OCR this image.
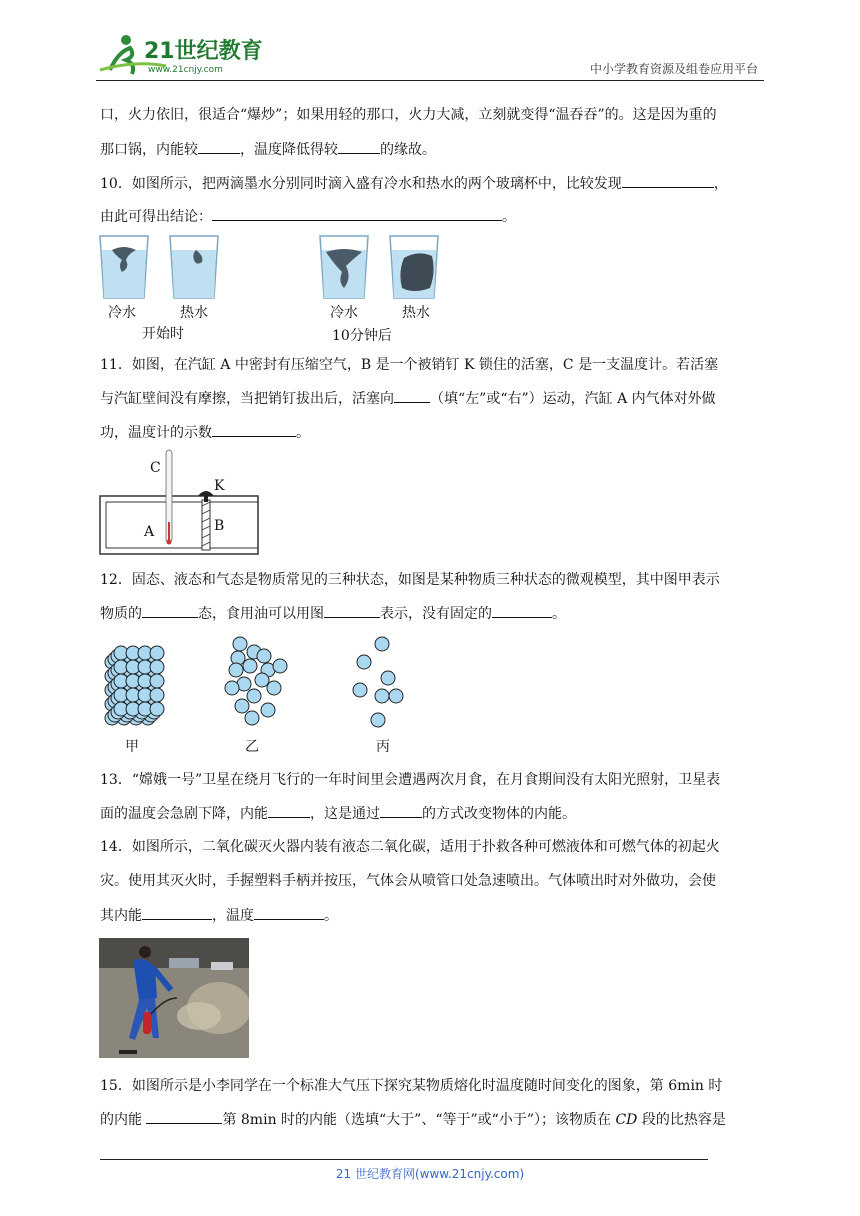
21世纪教育
www.21cnjy.com	中小学教育资源及组卷应用平台
口，火力依旧，很适合“爆炒”；如果用轻的那口，火力大减，立刻就变得“温吞吞”的。这是因为重的
那口锅，内能较	，温度降低得较	的缘故。
10．如图所示，把两滴墨水分别同时滴入盛有冷水和热水的两个玻璃杯中，比较发现	，
由此可得出结论：	。
冷水	热水
开始时
冷水	热水
10分钟后
11．如图，在汽缸 A 中密封有压缩空气，B 是一个被销钉 K 锁住的活塞，C 是一支温度计。若活塞
与汽缸壁间没有摩擦，当把销钉拔出后，活塞向	（填“左”或“右”）运动，汽缸 A 内气体对外做
功，温度计的示数	。
C
K
A	B
12．固态、液态和气态是物质常见的三种状态，如图是某种物质三种状态的微观模型，其中图甲表示
物质的	态，食用油可以用图	表示，没有固定的	。
甲	乙	丙
13．“嫦娥一号”卫星在绕月飞行的一年时间里会遭遇两次月食，在月食期间没有太阳光照射，卫星表
面的温度会急剧下降，内能	，这是通过	的方式改变物体的内能。
14．如图所示，二氧化碳灭火器内装有液态二氧化碳，适用于扑救各种可燃液体和可燃气体的初起火
灾。使用其灭火时，手握塑料手柄并按压，气体会从喷管口处急速喷出。气体喷出时对外做功，会使
其内能	，温度	。
15．如图所示是小李同学在一个标准大气压下探究某物质熔化时温度随时间变化的图象，第 6min 时
的内能	第 8min 时的内能（选填“大于”、“等于”或“小于”）；该物质在 CD 段的比热容是
21 世纪教育网(www.21cnjy.com)
